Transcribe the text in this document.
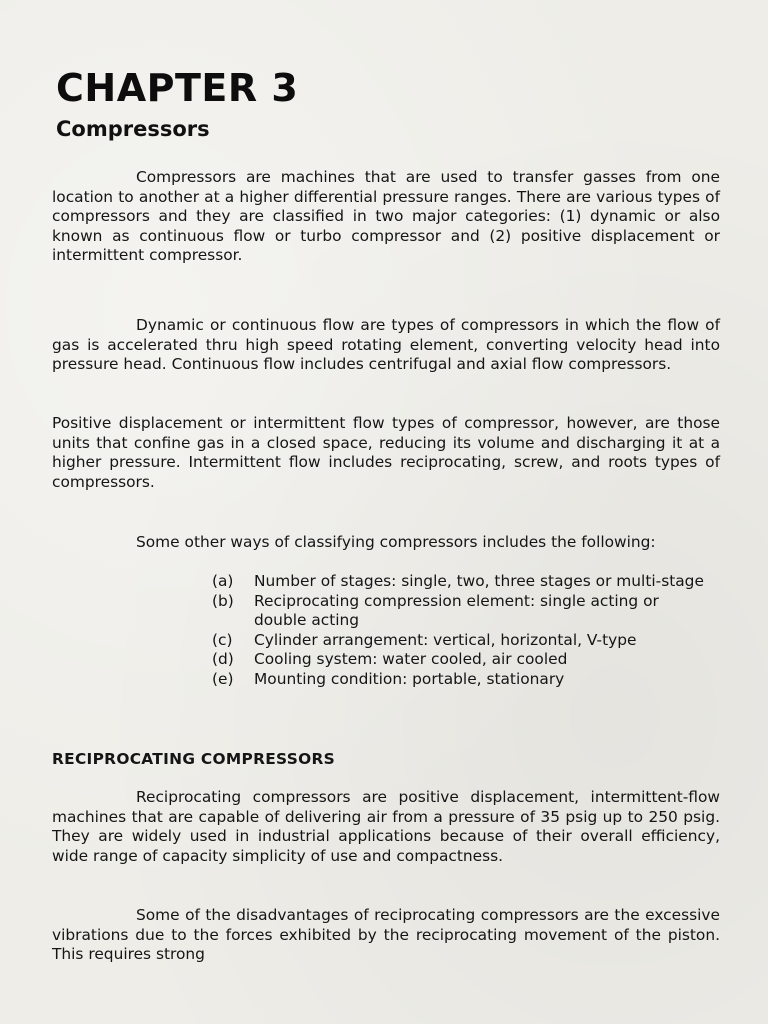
CHAPTER 3
Compressors

Compressors are machines that are used to transfer gasses from one location to another at a higher differential pressure ranges. There are various types of compressors and they are classified in two major categories: (1) dynamic or also known as continuous flow or turbo compressor and (2) positive displacement or intermittent compressor.

Dynamic or continuous flow are types of compressors in which the flow of gas is accelerated thru high speed rotating element, converting velocity head into pressure head. Continuous flow includes centrifugal and axial flow compressors.

Positive displacement or intermittent flow types of compressor, however, are those units that confine gas in a closed space, reducing its volume and discharging it at a higher pressure. Intermittent flow includes reciprocating, screw, and roots types of compressors.

Some other ways of classifying compressors includes the following:

(a) Number of stages: single, two, three stages or multi-stage
(b) Reciprocating compression element: single acting or double acting
(c) Cylinder arrangement: vertical, horizontal, V-type
(d) Cooling system: water cooled, air cooled
(e) Mounting condition: portable, stationary
RECIPROCATING COMPRESSORS

Reciprocating compressors are positive displacement, intermittent-flow machines that are capable of delivering air from a pressure of 35 psig up to 250 psig. They are widely used in industrial applications because of their overall efficiency, wide range of capacity simplicity of use and compactness.

Some of the disadvantages of reciprocating compressors are the excessive vibrations due to the forces exhibited by the reciprocating movement of the piston. This requires strong
